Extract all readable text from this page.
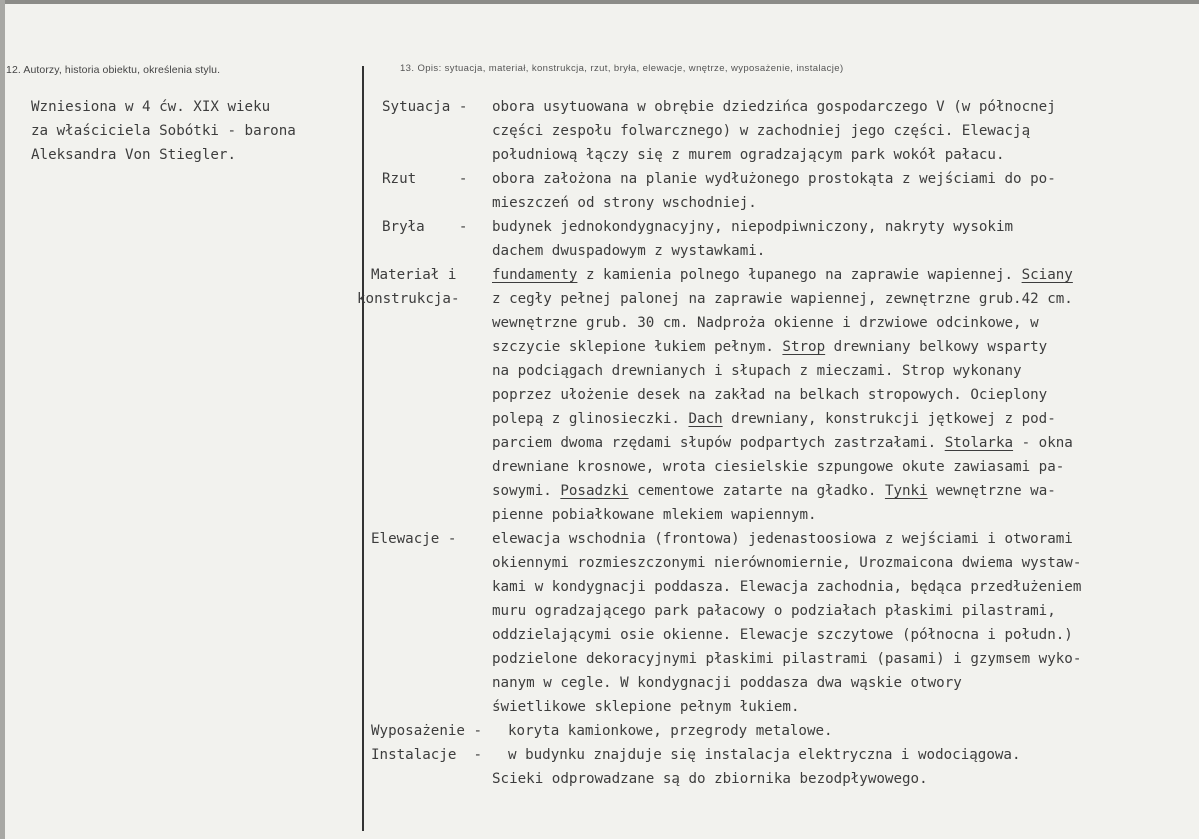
12. Autorzy, historia obiektu, określenia stylu.	13. Opis: sytuacja, materiał, konstrukcja, rzut, bryła, elewacje, wnętrze, wyposażenie, instalacje)
Wzniesiona w 4 ćw. XIX wieku
za właściciela Sobótki - barona
Aleksandra Von Stiegler.
Sytuacja - obora usytuowana w obrębie dziedzińca gospodarczego V (w północnej
części zespołu folwarcznego) w zachodniej jego części. Elewacją
południową łączy się z murem ogradzającym park wokół pałacu.
Rzut     - obora założona na planie wydłużonego prostokąta z wejściami do po-
mieszczeń od strony wschodniej.
Bryła    - budynek jednokondygnacyjny, niepodpiwniczony, nakryty wysokim
dachem dwuspadowym z wystawkami.
Materiał i
konstrukcja-
fundamenty z kamienia polnego łupanego na zaprawie wapiennej. Sciany
z cegły pełnej palonej na zaprawie wapiennej, zewnętrzne grub.42 cm.
wewnętrzne grub. 30 cm. Nadproża okienne i drzwiowe odcinkowe, w
szczycie sklepione łukiem pełnym. Strop drewniany belkowy wsparty
na podciągach drewnianych i słupach z mieczami. Strop wykonany
poprzez ułożenie desek na zakład na belkach stropowych. Ocieplony
polepą z glinosieczki. Dach drewniany, konstrukcji jętkowej z pod-
parciem dwoma rzędami słupów podpartych zastrzałami. Stolarka - okna
drewniane krosnowe, wrota ciesielskie szpungowe okute zawiasami pa-
sowymi. Posadzki cementowe zatarte na gładko. Tynki wewnętrzne wa-
pienne pobiałkowane mlekiem wapiennym.
Elewacje -	elewacja wschodnia (frontowa) jedenastoosiowa z wejściami i otworami
okiennymi rozmieszczonymi nierównomiernie, Urozmaicona dwiema wystaw-
kami w kondygnacji poddasza. Elewacja zachodnia, będąca przedłużeniem
muru ogradzającego park pałacowy o podziałach płaskimi pilastrami,
oddzielającymi osie okienne. Elewacje szczytowe (północna i połudn.)
podzielone dekoracyjnymi płaskimi pilastrami (pasami) i gzymsem wyko-
nanym w cegle. W kondygnacji poddasza dwa wąskie otwory
świetlikowe sklepione pełnym łukiem.
Wyposażenie - koryta kamionkowe, przegrody metalowe.
Instalacje  -	w budynku znajduje się instalacja elektryczna i wodociągowa.
Scieki odprowadzane są do zbiornika bezodpływowego.
